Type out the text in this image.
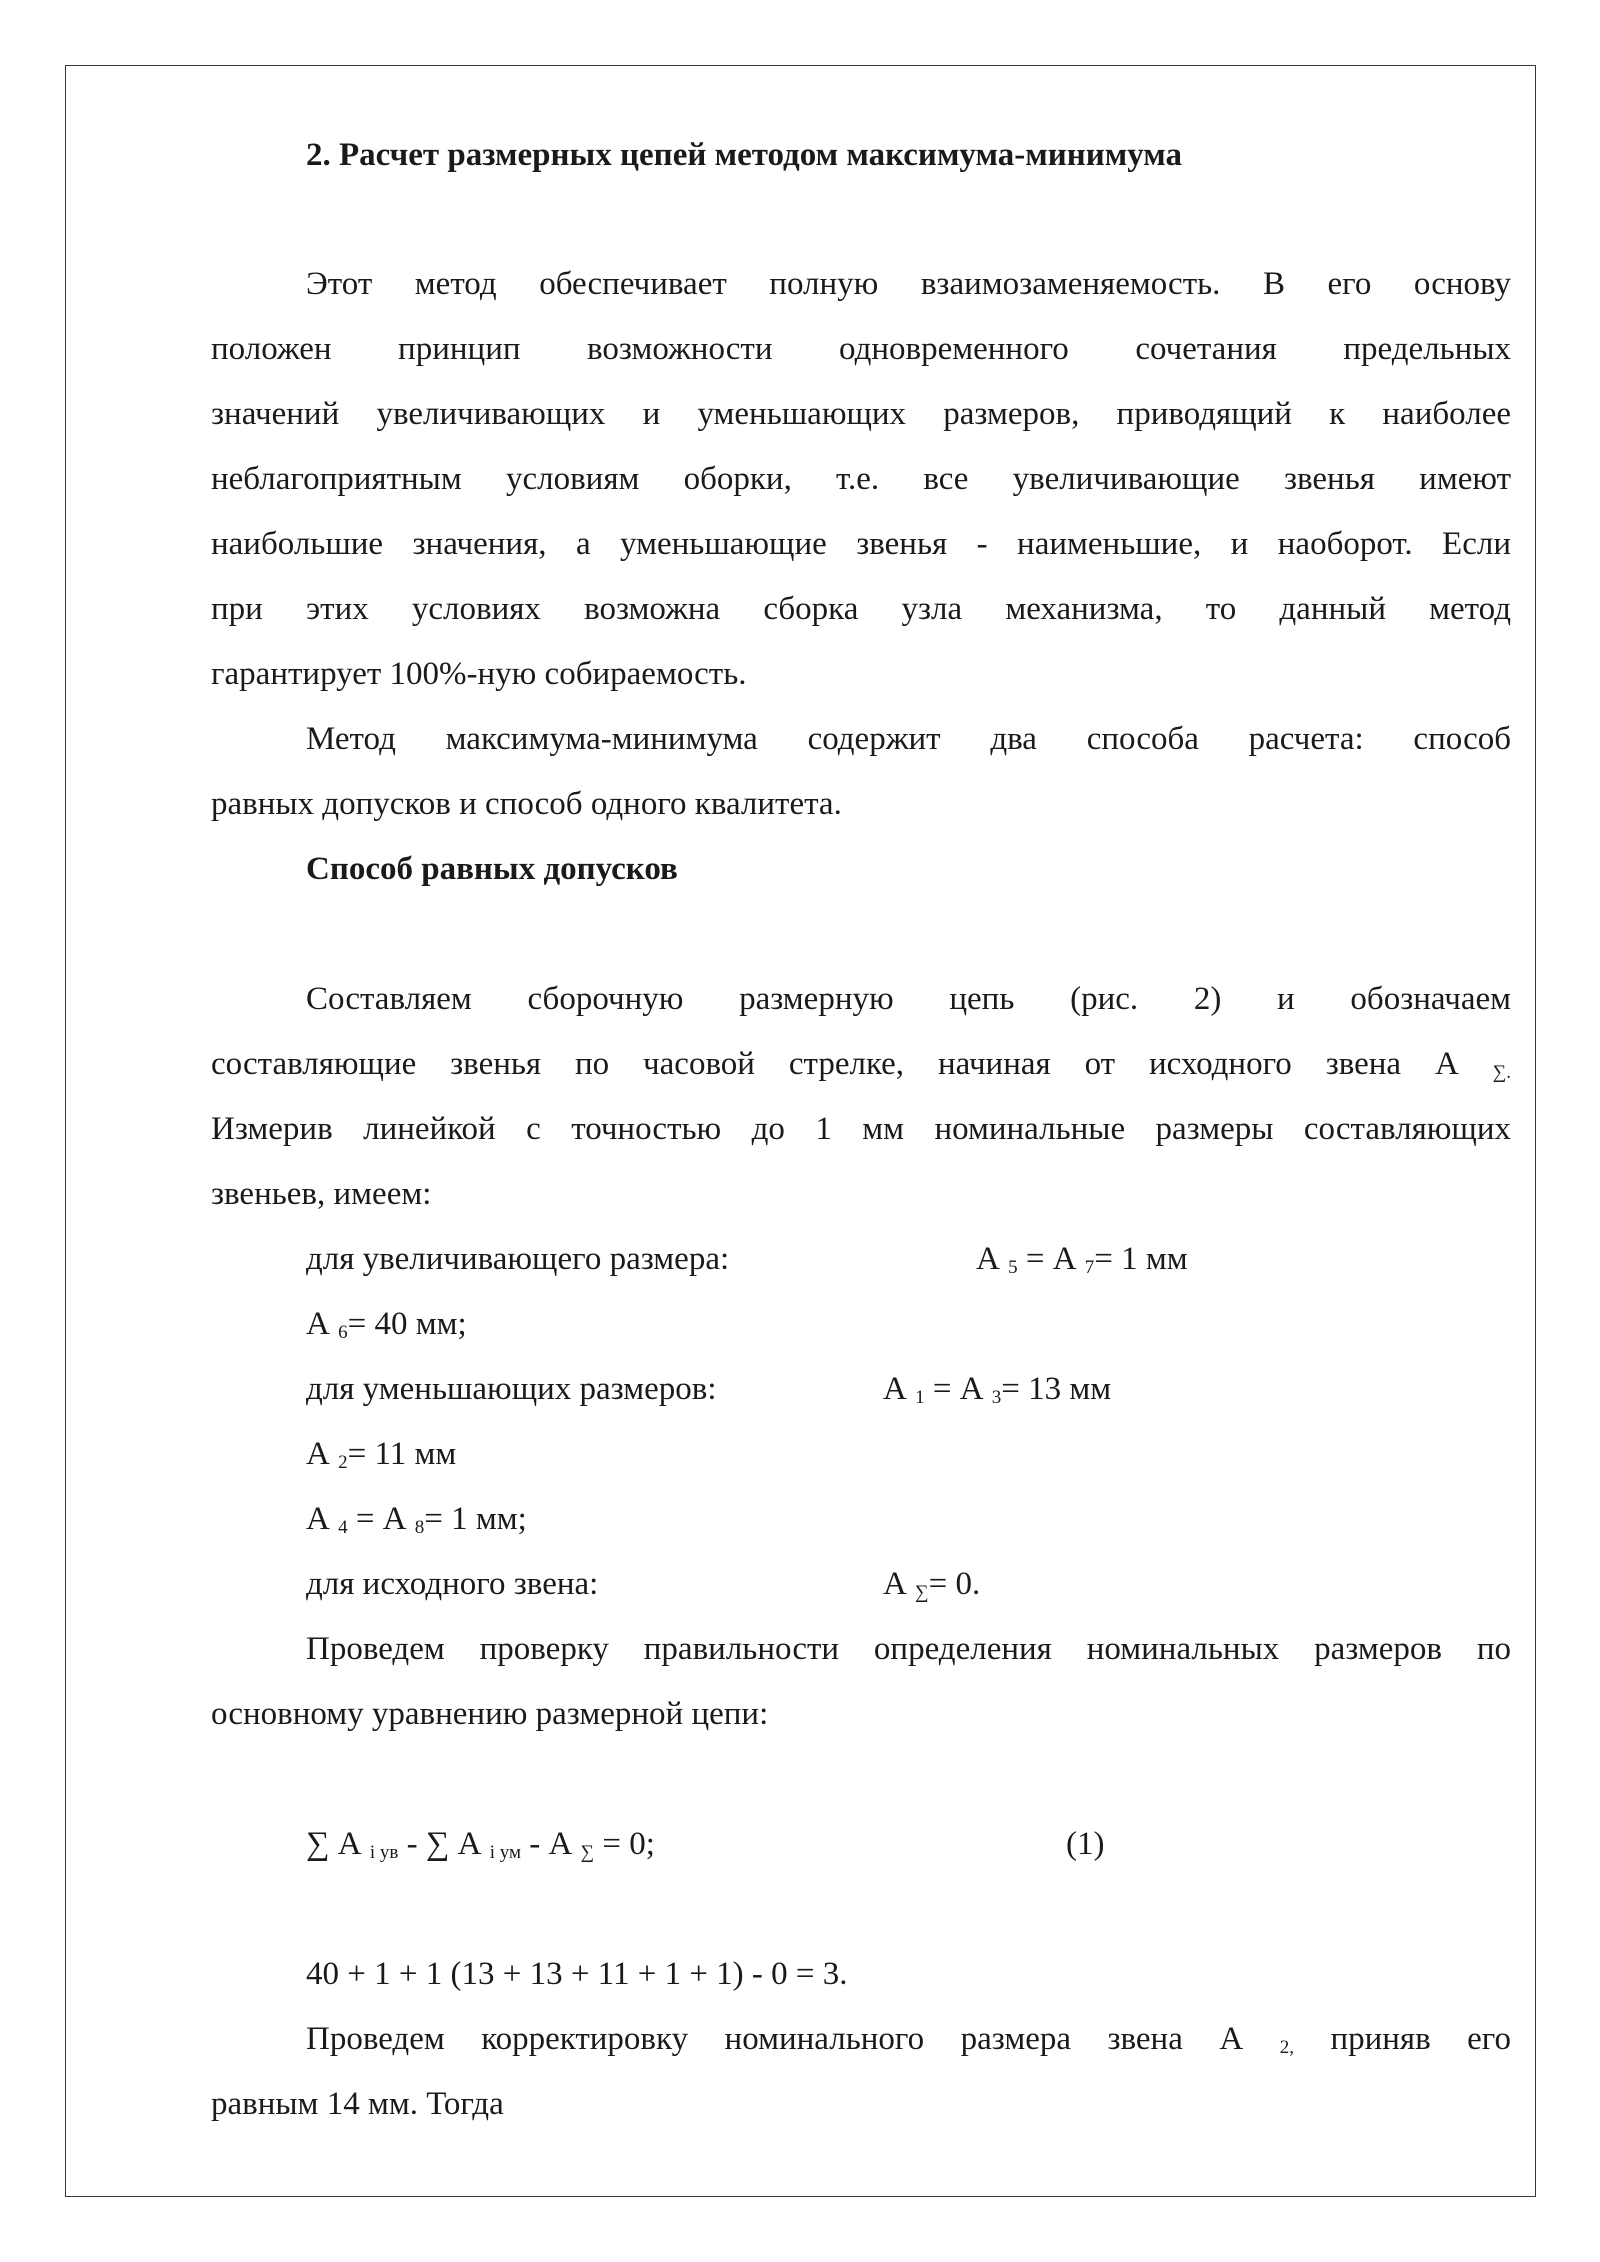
2. Расчет размерных цепей методом максимума-минимума
Этот метод обеспечивает полную взаимозаменяемость. В его основу
положен принцип возможности одновременного сочетания предельных
значений увеличивающих и уменьшающих размеров, приводящий к наиболее
неблагоприятным условиям оборки, т.е. все увеличивающие звенья имеют
наибольшие значения, а уменьшающие звенья - наименьшие, и наоборот. Если
при этих условиях возможна сборка узла механизма, то данный метод
гарантирует 100%-ную собираемость.
Метод максимума-минимума содержит два способа расчета: способ
равных допусков и способ одного квалитета.
Способ равных допусков
Составляем сборочную размерную цепь (рис. 2) и обозначаем
составляющие звенья по часовой стрелке, начиная от исходного звена А ∑.
Измерив линейкой с точностью до 1 мм номинальные размеры составляющих
звеньев, имеем:
для увеличивающего размера:	А $_5$ = А $_7$= 1 мм
А $_6$= 40 мм;
для уменьшающих размеров:	А $_1$ = А $_3$= 13 мм
А $_2$= 11 мм
А $_4$ = А $_8$= 1 мм;
для исходного звена:	А $_\sum$= 0.
Проведем проверку правильности определения номинальных размеров по
основному уравнению размерной цепи:
∑ А $_{i ув}$ - ∑ А $_{i ум}$ - А $_\sum$ = 0;	(1)
40 + 1 + 1 (13 + 13 + 11 + 1 + 1) - 0 = 3.
Проведем корректировку номинального размера звена А 2, приняв его
равным 14 мм. Тогда
